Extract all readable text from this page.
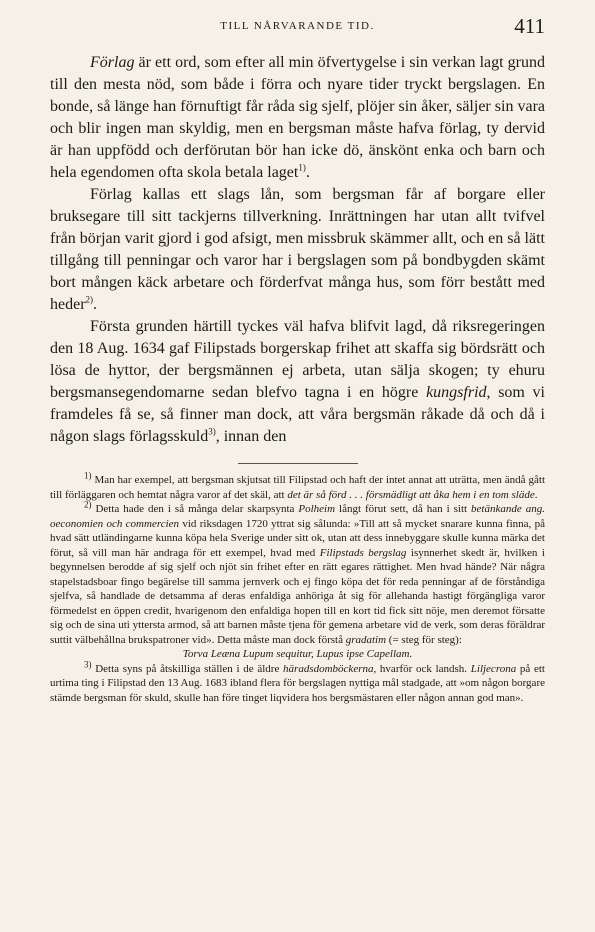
TILL NÅRVARANDE TID.	411

Förlag är ett ord, som efter all min öfvertygelse i sin verkan lagt grund till den mesta nöd, som både i förra och nyare tider tryckt bergslagen. En bonde, så länge han förnuftigt får råda sig sjelf, plöjer sin åker, säljer sin vara och blir ingen man skyldig, men en bergsman måste hafva förlag, ty dervid är han uppfödd och derförutan bör han icke dö, änskönt enka och barn och hela egendomen ofta skola betala laget$^{1)}$.

Förlag kallas ett slags lån, som bergsman får af borgare eller bruksegare till sitt tackjerns tillverkning. Inrättningen har utan allt tvifvel från början varit gjord i god afsigt, men missbruk skämmer allt, och en så lätt tillgång till penningar och varor har i bergslagen som på bondbygden skämt bort mången käck arbetare och förderfvat många hus, som förr bestått med heder$^{2)}$.

Första grunden härtill tyckes väl hafva blifvit lagd, då riksregeringen den 18 Aug. 1634 gaf Filipstads borgerskap frihet att skaffa sig bördsrätt och lösa de hyttor, der bergsmännen ej arbeta, utan sälja skogen; ty ehuru bergsmansegendomarne sedan blefvo tagna i en högre kungsfrid, som vi framdeles få se, så finner man dock, att våra bergsmän råkade då och då i någon slags förlagsskuld$^{3)}$, innan den

$^{1)}$ Man har exempel, att bergsman skjutsat till Filipstad och haft der intet annat att uträtta, men ändå gått till förläggaren och hemtat några varor af det skäl, att det är så förd . . . försmädligt att åka hem i en tom släde.

$^{2)}$ Detta hade den i så många delar skarpsynta Polheim långt förut sett, då han i sitt betänkande ang. oeconomien och commercien vid riksdagen 1720 yttrat sig sålunda: »Till att så mycket snarare kunna finna, på hvad sätt utländingarne kunna köpa hela Sverige under sitt ok, utan att dess innebyggare skulle kunna märka det förut, så vill man här andraga för ett exempel, hvad med Filipstads bergslag isynnerhet skedt är, hvilken i begynnelsen berodde af sig sjelf och njöt sin frihet efter en rätt egares rättighet. Men hvad hände? När några stapelstadsboar fingo begärelse till samma jernverk och ej fingo köpa det för reda penningar af de förståndiga sjelfva, så handlade de detsamma af deras enfaldiga anhöriga åt sig för allehanda hastigt förgängliga varor förmedelst en öppen credit, hvarigenom den enfaldiga hopen till en kort tid fick sitt nöje, men deremot försatte sig och de sina uti yttersta armod, så att barnen måste tjena för gemena arbetare vid de verk, som deras föräldrar suttit välbehållna brukspatroner vid». Detta måste man dock förstå gradatim (= steg för steg):

Torva Leæna Lupum sequitur, Lupus ipse Capellam.

$^{3)}$ Detta syns på åtskilliga ställen i de äldre häradsdomböckerna, hvarför ock landsh. Liljecrona på ett urtima ting i Filipstad den 13 Aug. 1683 ibland flera för bergslagen nyttiga mål stadgade, att »om någon borgare stämde bergsman för skuld, skulle han före tinget liqvidera hos bergsmästaren eller någon annan god man».
